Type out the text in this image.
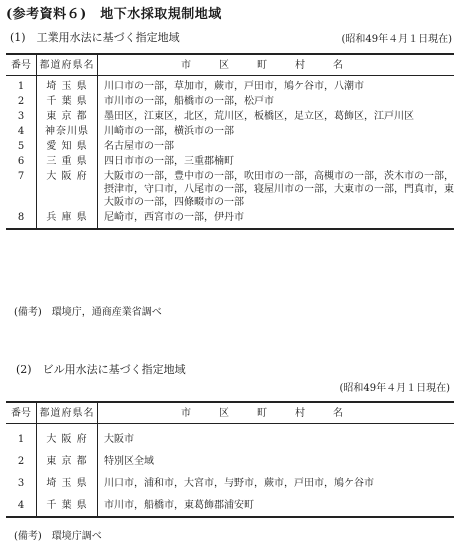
(参考資料６)　地下水採取規制地域
(1)　工業用水法に基づく指定地域	(昭和49年４月１日現在)
番号	都道府県名	市区町村名
1	埼 玉 県	川口市の一部，草加市，蕨市，戸田市，鳩ケ谷市，八潮市
2	千 葉 県	市川市の一部，船橋市の一部，松戸市
3	東 京 都	墨田区，江東区，北区，荒川区，板橋区，足立区，葛飾区，江戸川区
4	神奈川県	川崎市の一部，横浜市の一部
5	愛 知 県	名古屋市の一部
6	三 重 県	四日市市の一部，三重郡楠町
7	大 阪 府	大阪市の一部，豊中市の一部，吹田市の一部，高槻市の一部，茨木市の一部，摂津市，守口市，八尾市の一部，寝屋川市の一部，大東市の一部，門真市，東大阪市の一部，四條畷市の一部
8	兵 庫 県	尼崎市，西宮市の一部，伊丹市
(備考)　環境庁，通商産業省調べ
(2)　ビル用水法に基づく指定地域
(昭和49年４月１日現在)
番号	都道府県名	市区町村名
1	大 阪 府	大阪市
2	東 京 都	特別区全域
3	埼 玉 県	川口市，浦和市，大宮市，与野市，蕨市，戸田市，鳩ケ谷市
4	千 葉 県	市川市，船橋市，東葛飾郡浦安町
(備考)　環境庁調べ
